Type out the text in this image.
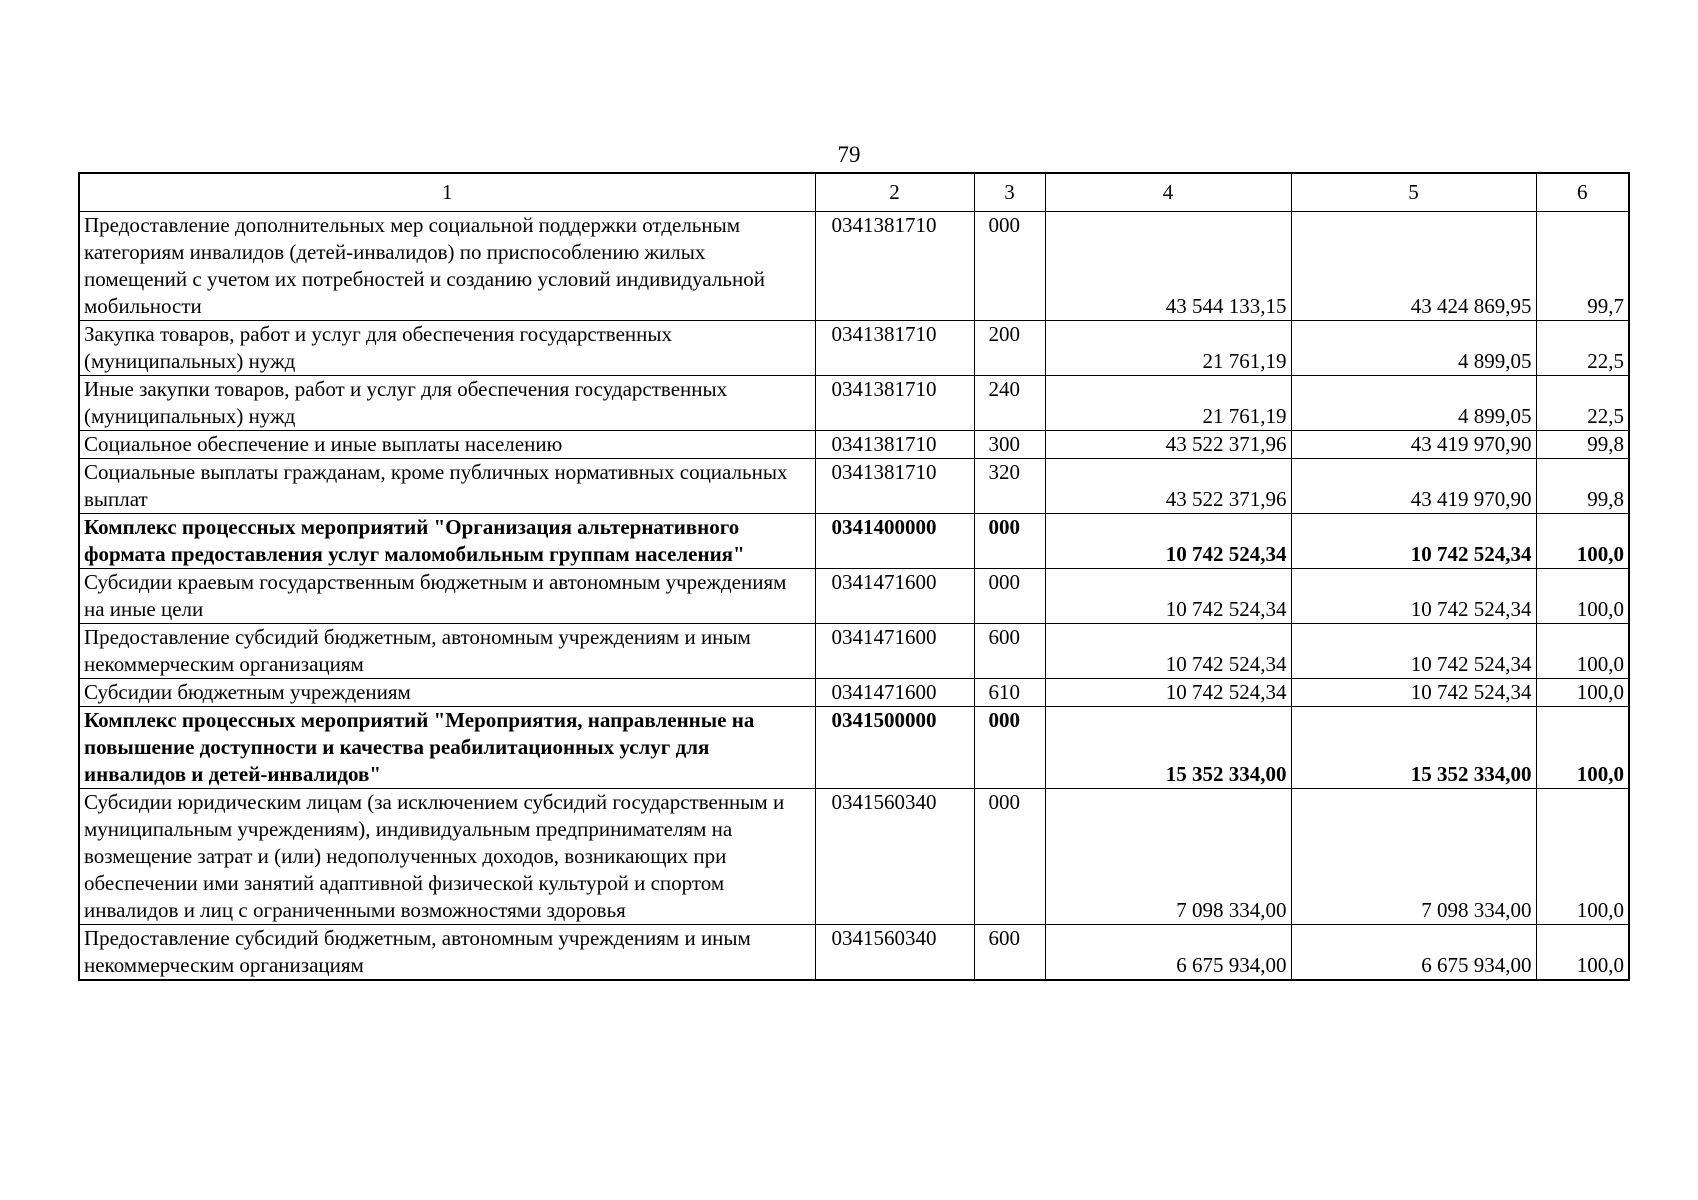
79
1	2	3	4	5	6
Предоставление дополнительных мер социальной поддержки отдельным категориям инвалидов (детей-инвалидов) по приспособлению жилых помещений с учетом их потребностей и созданию условий индивидуальной мобильности	0341381710	000	43 544 133,15	43 424 869,95	99,7
Закупка товаров, работ и услуг для обеспечения государственных (муниципальных) нужд	0341381710	200	21 761,19	4 899,05	22,5
Иные закупки товаров, работ и услуг для обеспечения государственных (муниципальных) нужд	0341381710	240	21 761,19	4 899,05	22,5
Социальное обеспечение и иные выплаты населению	0341381710	300	43 522 371,96	43 419 970,90	99,8
Социальные выплаты гражданам, кроме публичных нормативных социальных выплат	0341381710	320	43 522 371,96	43 419 970,90	99,8
Комплекс процессных мероприятий "Организация альтернативного формата предоставления услуг маломобильным группам населения"	0341400000	000	10 742 524,34	10 742 524,34	100,0
Субсидии краевым государственным бюджетным и автономным учреждениям на иные цели	0341471600	000	10 742 524,34	10 742 524,34	100,0
Предоставление субсидий бюджетным, автономным учреждениям и иным некоммерческим организациям	0341471600	600	10 742 524,34	10 742 524,34	100,0
Субсидии бюджетным учреждениям	0341471600	610	10 742 524,34	10 742 524,34	100,0
Комплекс процессных мероприятий "Мероприятия, направленные на повышение доступности и качества реабилитационных услуг для инвалидов и детей-инвалидов"	0341500000	000	15 352 334,00	15 352 334,00	100,0
Субсидии юридическим лицам (за исключением субсидий государственным и муниципальным учреждениям), индивидуальным предпринимателям на возмещение затрат и (или) недополученных доходов, возникающих при обеспечении ими занятий адаптивной физической культурой и спортом инвалидов и лиц с ограниченными возможностями здоровья	0341560340	000	7 098 334,00	7 098 334,00	100,0
Предоставление субсидий бюджетным, автономным учреждениям и иным некоммерческим организациям	0341560340	600	6 675 934,00	6 675 934,00	100,0
